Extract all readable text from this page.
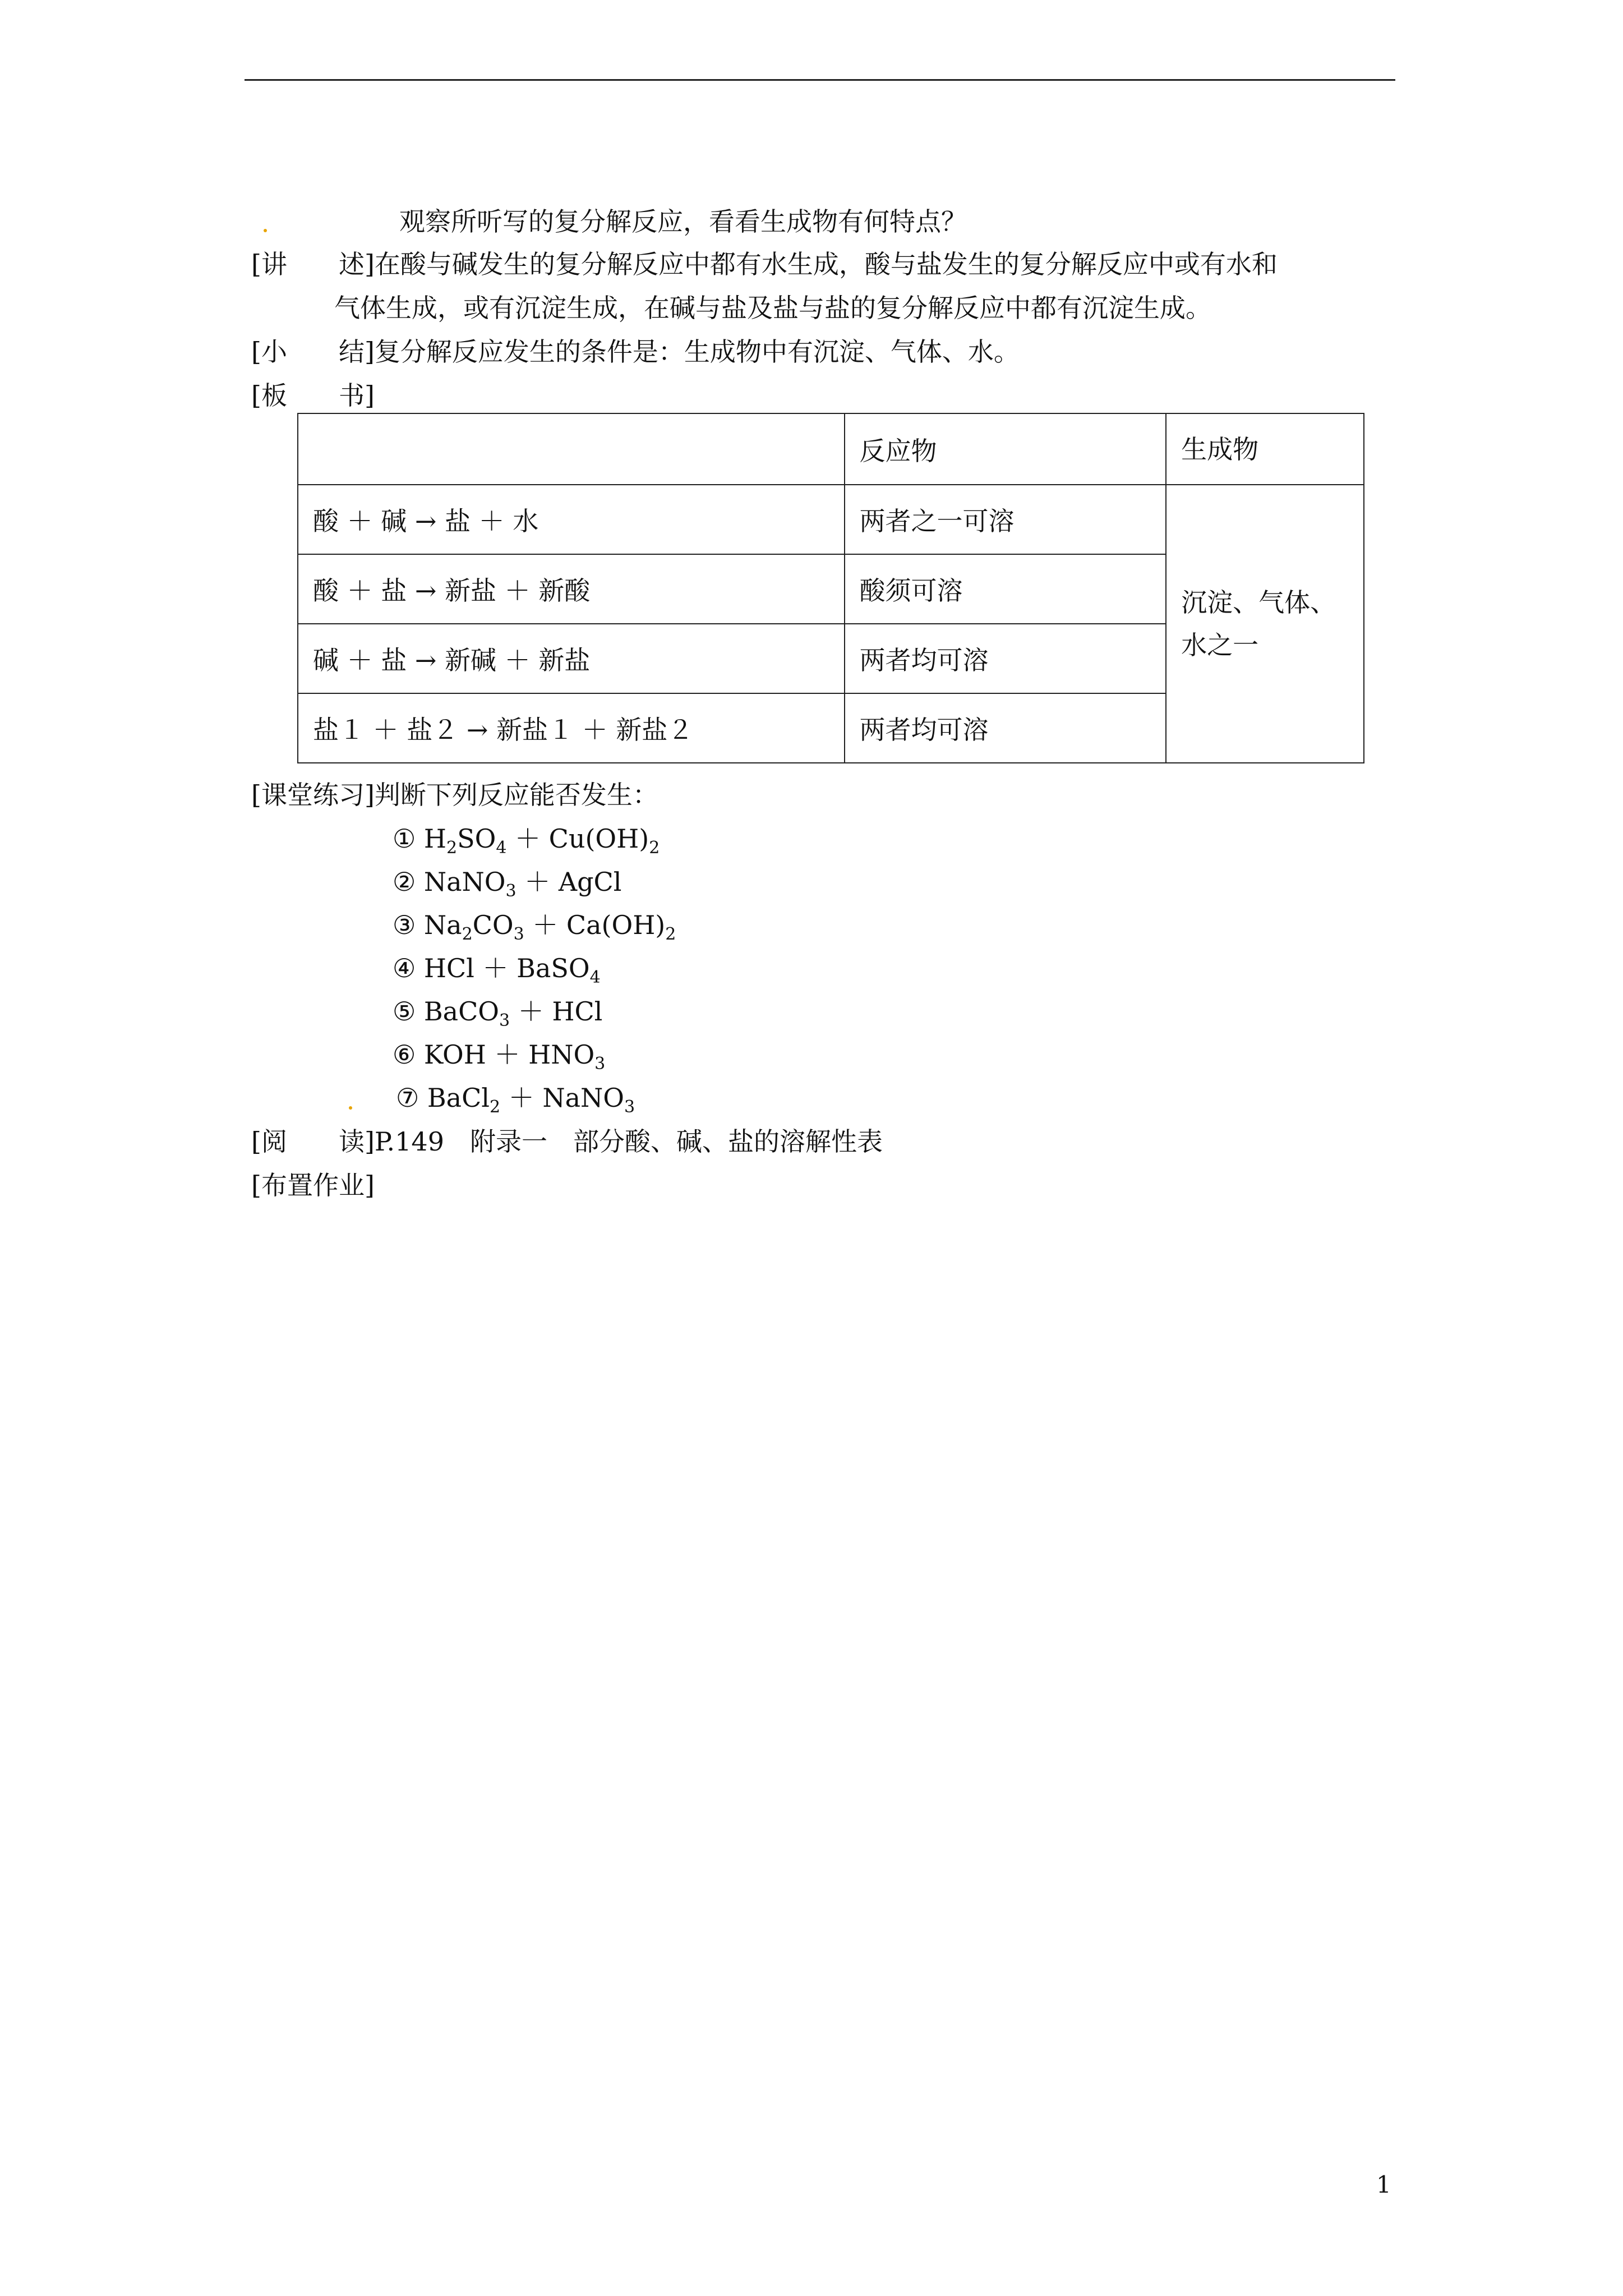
观察所听写的复分解反应，看看生成物有何特点？
[讲　　述]在酸与碱发生的复分解反应中都有水生成，酸与盐发生的复分解反应中或有水和
气体生成，或有沉淀生成，在碱与盐及盐与盐的复分解反应中都有沉淀生成。
[小　　结]复分解反应发生的条件是：生成物中有沉淀、气体、水。
[板　　书]
	反应物	生成物
酸 ＋ 碱 → 盐 ＋ 水	两者之一可溶	沉淀、气体、水之一
酸 ＋ 盐 → 新盐 ＋ 新酸	酸须可溶	
碱 ＋ 盐 → 新碱 ＋ 新盐	两者均可溶	
盐１ ＋ 盐２ → 新盐１ ＋ 新盐２	两者均可溶	
[课堂练习]判断下列反应能否发生：
① $H_2SO_4 + Cu(OH)_2$
② NaNO$_3$ ＋ AgCl
③ $Na_2CO_3 + Ca(OH)_2$
④ HCl ＋ BaSO$_4$
⑤ BaCO$_3$ ＋ HCl
⑥ KOH ＋ $HNO_3$
⑦ BaCl$_2$ ＋ NaNO$_3$
[阅　　读]P.149　附录一　部分酸、碱、盐的溶解性表
[布置作业]
1
